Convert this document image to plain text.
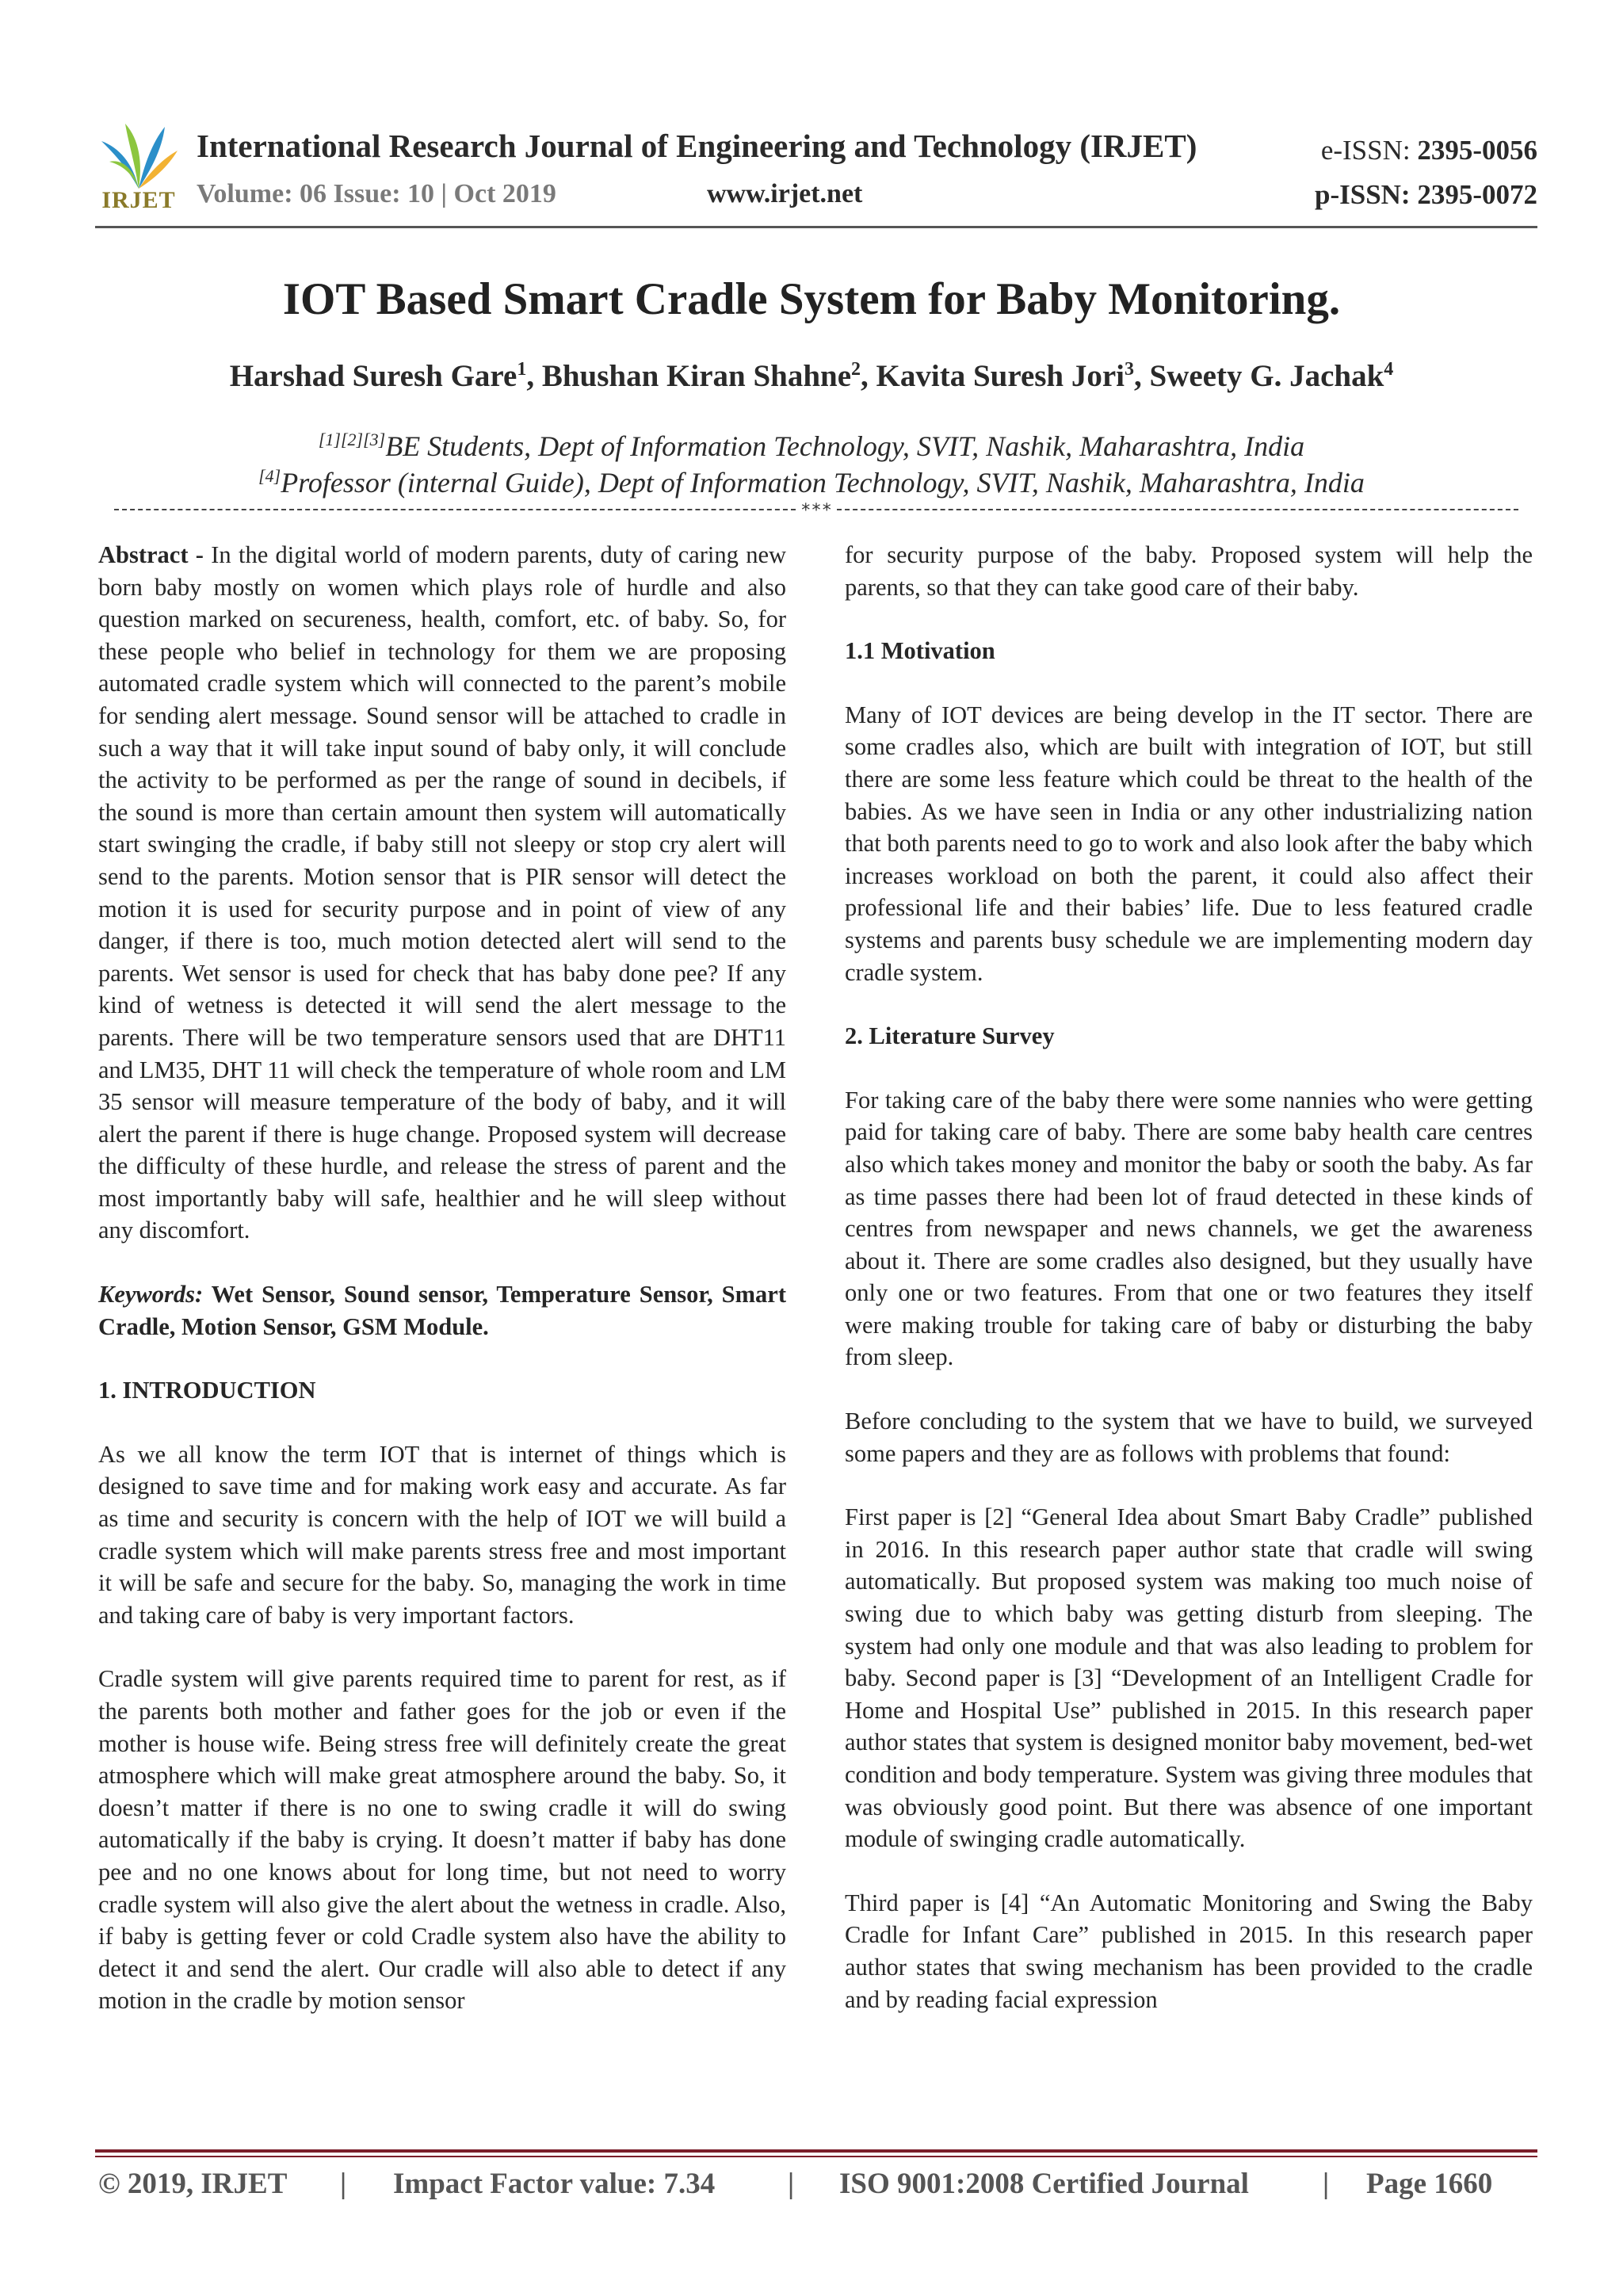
IRJET
International Research Journal of Engineering and Technology (IRJET)	e-ISSN: 2395-0056
Volume: 06 Issue: 10 | Oct 2019	www.irjet.net	p-ISSN: 2395-0072
IOT Based Smart Cradle System for Baby Monitoring.
Harshad Suresh Gare$^1$, Bhushan Kiran Shahne$^2$, Kavita Suresh Jori$^3$, Sweety G. Jachak$^4$
[1][2][3]BE Students, Dept of Information Technology, SVIT, Nashik, Maharashtra, India
[4]Professor (internal Guide), Dept of Information Technology, SVIT, Nashik, Maharashtra, India
***

Abstract - In the digital world of modern parents, duty of caring new born baby mostly on women which plays role of hurdle and also question marked on secureness, health, comfort, etc. of baby. So, for these people who belief in technology for them we are proposing automated cradle system which will connected to the parent’s mobile for sending alert message. Sound sensor will be attached to cradle in such a way that it will take input sound of baby only, it will conclude the activity to be performed as per the range of sound in decibels, if the sound is more than certain amount then system will automatically start swinging the cradle, if baby still not sleepy or stop cry alert will send to the parents. Motion sensor that is PIR sensor will detect the motion it is used for security purpose and in point of view of any danger, if there is too, much motion detected alert will send to the parents. Wet sensor is used for check that has baby done pee? If any kind of wetness is detected it will send the alert message to the parents. There will be two temperature sensors used that are DHT11 and LM35, DHT 11 will check the temperature of whole room and LM 35 sensor will measure temperature of the body of baby, and it will alert the parent if there is huge change. Proposed system will decrease the difficulty of these hurdle, and release the stress of parent and the most importantly baby will safe, healthier and he will sleep without any discomfort.

Keywords: Wet Sensor, Sound sensor, Temperature Sensor, Smart Cradle, Motion Sensor, GSM Module.

1. INTRODUCTION

As we all know the term IOT that is internet of things which is designed to save time and for making work easy and accurate. As far as time and security is concern with the help of IOT we will build a cradle system which will make parents stress free and most important it will be safe and secure for the baby. So, managing the work in time and taking care of baby is very important factors.

Cradle system will give parents required time to parent for rest, as if the parents both mother and father goes for the job or even if the mother is house wife. Being stress free will definitely create the great atmosphere which will make great atmosphere around the baby. So, it doesn’t matter if there is no one to swing cradle it will do swing automatically if the baby is crying. It doesn’t matter if baby has done pee and no one knows about for long time, but not need to worry cradle system will also give the alert about the wetness in cradle. Also, if baby is getting fever or cold Cradle system also have the ability to detect it and send the alert. Our cradle will also able to detect if any motion in the cradle by motion sensor

for security purpose of the baby. Proposed system will help the parents, so that they can take good care of their baby.

1.1 Motivation

Many of IOT devices are being develop in the IT sector. There are some cradles also, which are built with integration of IOT, but still there are some less feature which could be threat to the health of the babies. As we have seen in India or any other industrializing nation that both parents need to go to work and also look after the baby which increases workload on both the parent, it could also affect their professional life and their babies’ life. Due to less featured cradle systems and parents busy schedule we are implementing modern day cradle system.

2. Literature Survey

For taking care of the baby there were some nannies who were getting paid for taking care of baby. There are some baby health care centres also which takes money and monitor the baby or sooth the baby. As far as time passes there had been lot of fraud detected in these kinds of centres from newspaper and news channels, we get the awareness about it. There are some cradles also designed, but they usually have only one or two features. From that one or two features they itself were making trouble for taking care of baby or disturbing the baby from sleep.

Before concluding to the system that we have to build, we surveyed some papers and they are as follows with problems that found:

First paper is [2] “General Idea about Smart Baby Cradle” published in 2016. In this research paper author state that cradle will swing automatically. But proposed system was making too much noise of swing due to which baby was getting disturb from sleeping. The system had only one module and that was also leading to problem for baby. Second paper is [3] “Development of an Intelligent Cradle for Home and Hospital Use” published in 2015. In this research paper author states that system is designed monitor baby movement, bed-wet condition and body temperature. System was giving three modules that was obviously good point. But there was absence of one important module of swinging cradle automatically.

Third paper is [4] “An Automatic Monitoring and Swing the Baby Cradle for Infant Care” published in 2015. In this research paper author states that swing mechanism has been provided to the cradle and by reading facial expression

© 2019, IRJET | Impact Factor value: 7.34 | ISO 9001:2008 Certified Journal	| Page 1660
